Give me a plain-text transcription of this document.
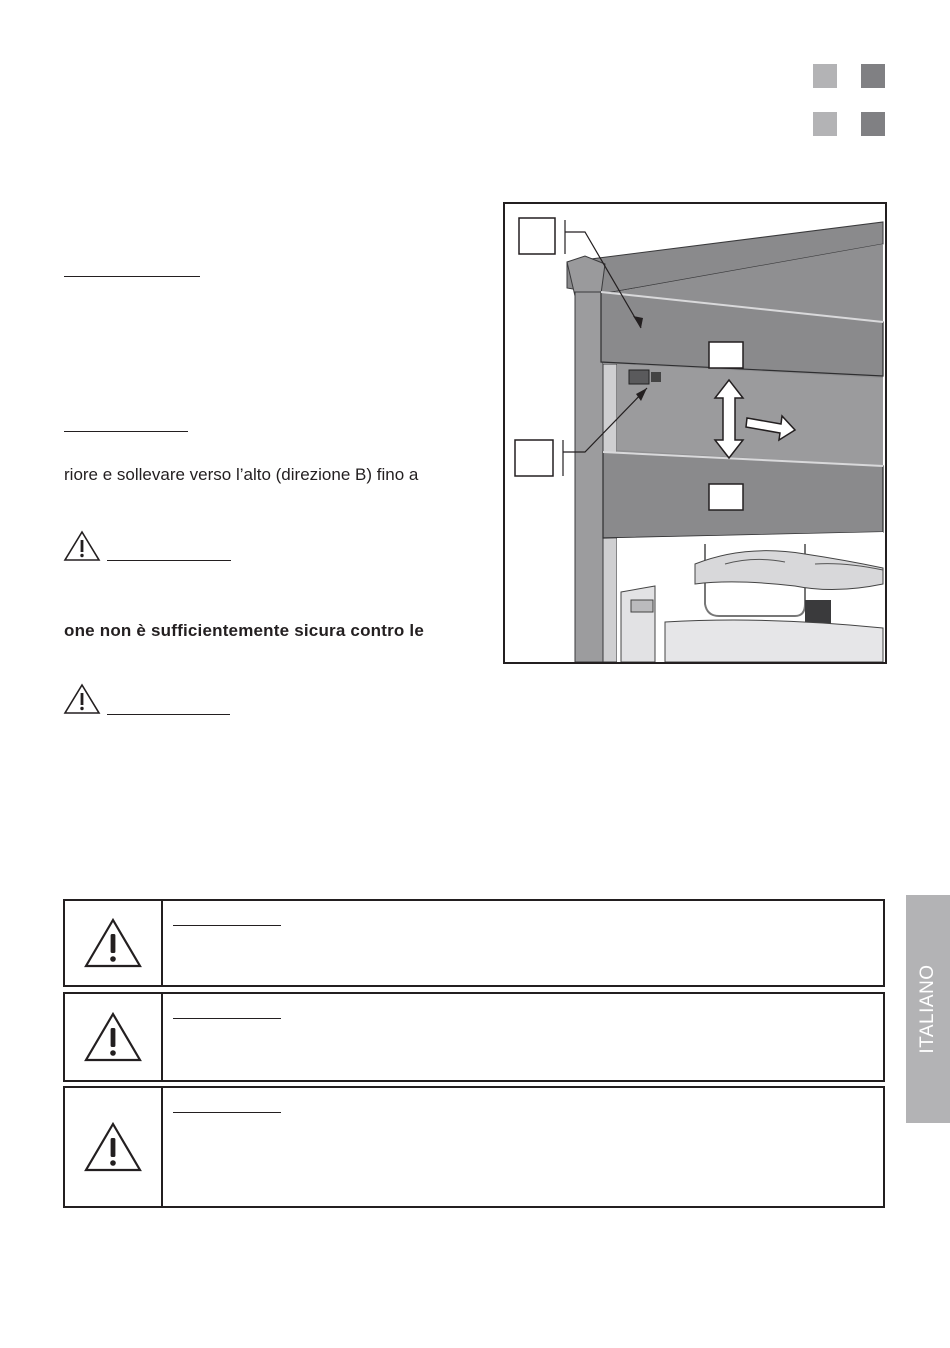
riore e sollevare verso l’alto (direzione B) fino a
one non è sufficientemente sicura contro le
ITALIANO
